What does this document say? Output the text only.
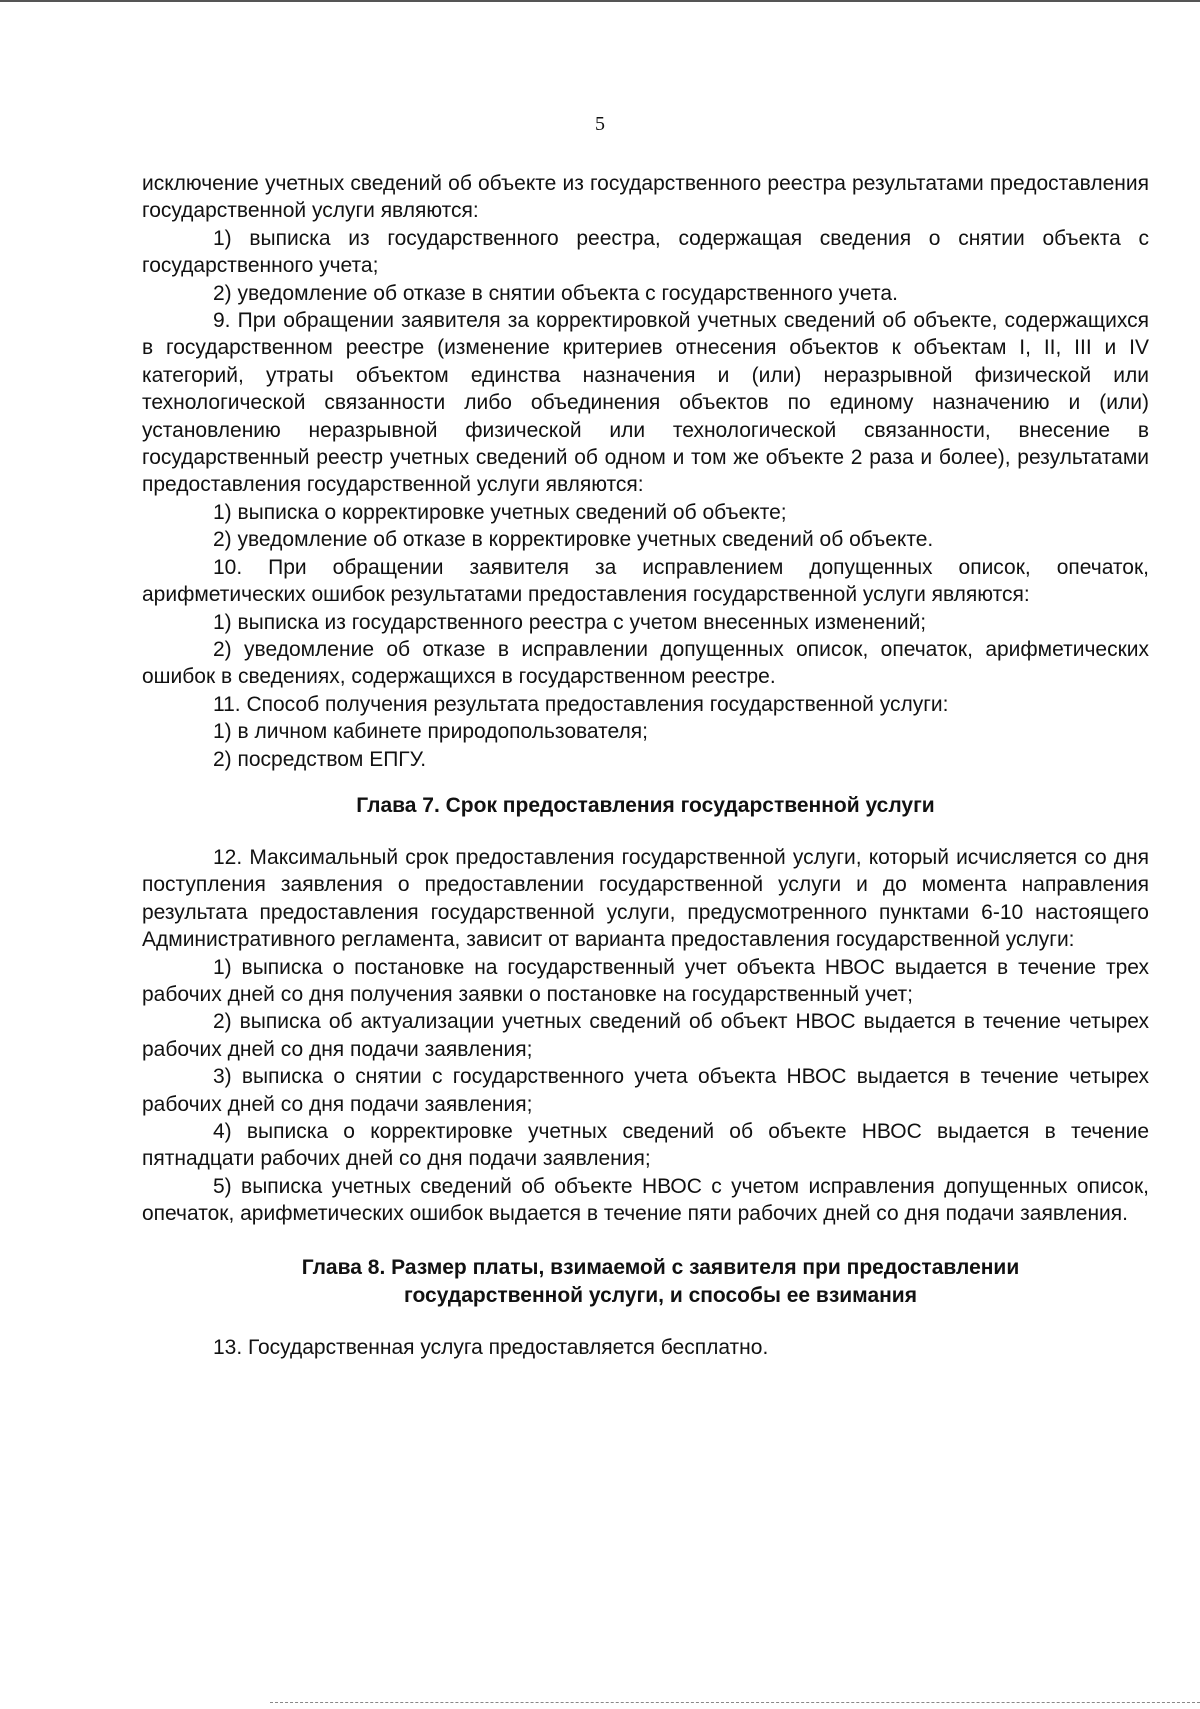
5

исключение учетных сведений об объекте из государственного реестра результатами предоставления государственной услуги являются:

1) выписка из государственного реестра, содержащая сведения о снятии объекта с государственного учета;

2) уведомление об отказе в снятии объекта с государственного учета.

9. При обращении заявителя за корректировкой учетных сведений об объекте, содержащихся в государственном реестре (изменение критериев отнесения объектов к объектам I, II, III и IV категорий, утраты объектом единства назначения и (или) неразрывной физической или технологической связанности либо объединения объектов по единому назначению и (или) установлению неразрывной физической или технологической связанности, внесение в государственный реестр учетных сведений об одном и том же объекте 2 раза и более), результатами предоставления государственной услуги являются:

1) выписка о корректировке учетных сведений об объекте;

2) уведомление об отказе в корректировке учетных сведений об объекте.

10. При обращении заявителя за исправлением допущенных описок, опечаток, арифметических ошибок результатами предоставления государственной услуги являются:

1) выписка из государственного реестра с учетом внесенных изменений;

2) уведомление об отказе в исправлении допущенных описок, опечаток, арифметических ошибок в сведениях, содержащихся в государственном реестре.

11. Способ получения результата предоставления государственной услуги:

1) в личном кабинете природопользователя;

2) посредством ЕПГУ.

Глава 7. Срок предоставления государственной услуги

12. Максимальный срок предоставления государственной услуги, который исчисляется со дня поступления заявления о предоставлении государственной услуги и до момента направления результата предоставления государственной услуги, предусмотренного пунктами 6-10 настоящего Административного регламента, зависит от варианта предоставления государственной услуги:

1) выписка о постановке на государственный учет объекта НВОС выдается в течение трех рабочих дней со дня получения заявки о постановке на государственный учет;

2) выписка об актуализации учетных сведений об объект НВОС выдается в течение четырех рабочих дней со дня подачи заявления;

3) выписка о снятии с государственного учета объекта НВОС выдается в течение четырех рабочих дней со дня подачи заявления;

4) выписка о корректировке учетных сведений об объекте НВОС выдается в течение пятнадцати рабочих дней со дня подачи заявления;

5) выписка учетных сведений об объекте НВОС с учетом исправления допущенных описок, опечаток, арифметических ошибок выдается в течение пяти рабочих дней со дня подачи заявления.

Глава 8. Размер платы, взимаемой с заявителя при предоставлении
государственной услуги, и способы ее взимания

13. Государственная услуга предоставляется бесплатно.
